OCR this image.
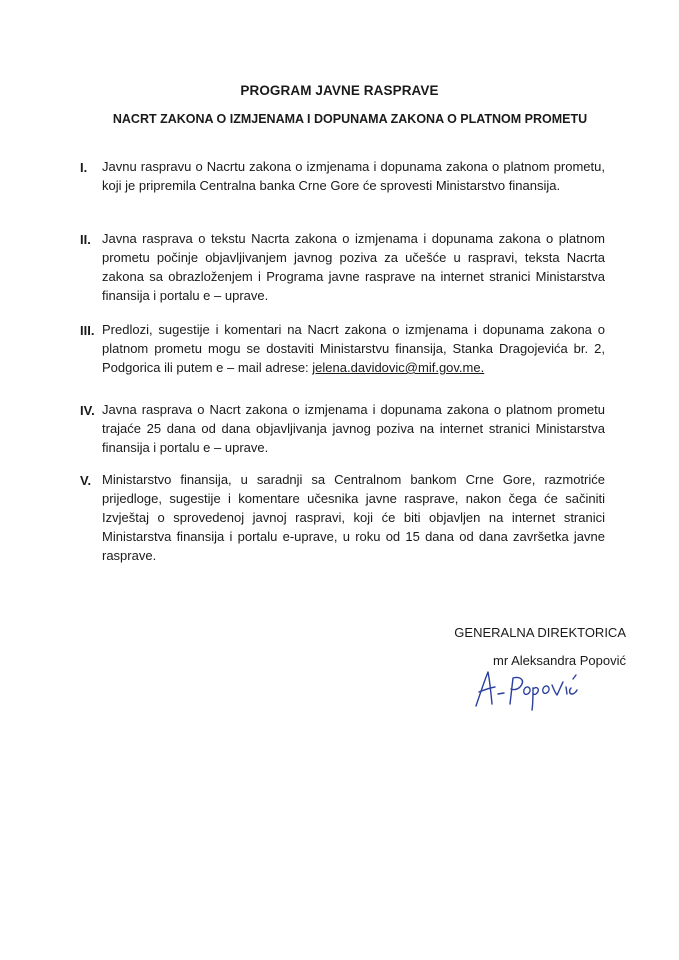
PROGRAM JAVNE RASPRAVE
NACRT ZAKONA O IZMJENAMA I DOPUNAMA ZAKONA O PLATNOM PROMETU
I. Javnu raspravu o Nacrtu zakona o izmjenama i dopunama zakona o platnom prometu, koji je pripremila Centralna banka Crne Gore će sprovesti Ministarstvo finansija.
II. Javna rasprava o tekstu Nacrta zakona o izmjenama i dopunama zakona o platnom prometu počinje objavljivanjem javnog poziva za učešće u raspravi, teksta Nacrta zakona sa obrazloženjem i Programa javne rasprave na internet stranici Ministarstva finansija i portalu e – uprave.
III. Predlozi, sugestije i komentari na Nacrt zakona o izmjenama i dopunama zakona o platnom prometu mogu se dostaviti Ministarstvu finansija, Stanka Dragojevića br. 2, Podgorica ili putem e – mail adrese: jelena.davidovic@mif.gov.me.
IV. Javna rasprava o Nacrt zakona o izmjenama i dopunama zakona o platnom prometu trajaće 25 dana od dana objavljivanja javnog poziva na internet stranici Ministarstva finansija i portalu e – uprave.
V. Ministarstvo finansija, u saradnji sa Centralnom bankom Crne Gore, razmotriće prijedloge, sugestije i komentare učesnika javne rasprave, nakon čega će sačiniti Izvještaj o sprovedenoj javnoj raspravi, koji će biti objavljen na internet stranici Ministarstva finansija i portalu e-uprave, u roku od 15 dana od dana završetka javne rasprave.
GENERALNA DIREKTORICA
mr Aleksandra Popović
